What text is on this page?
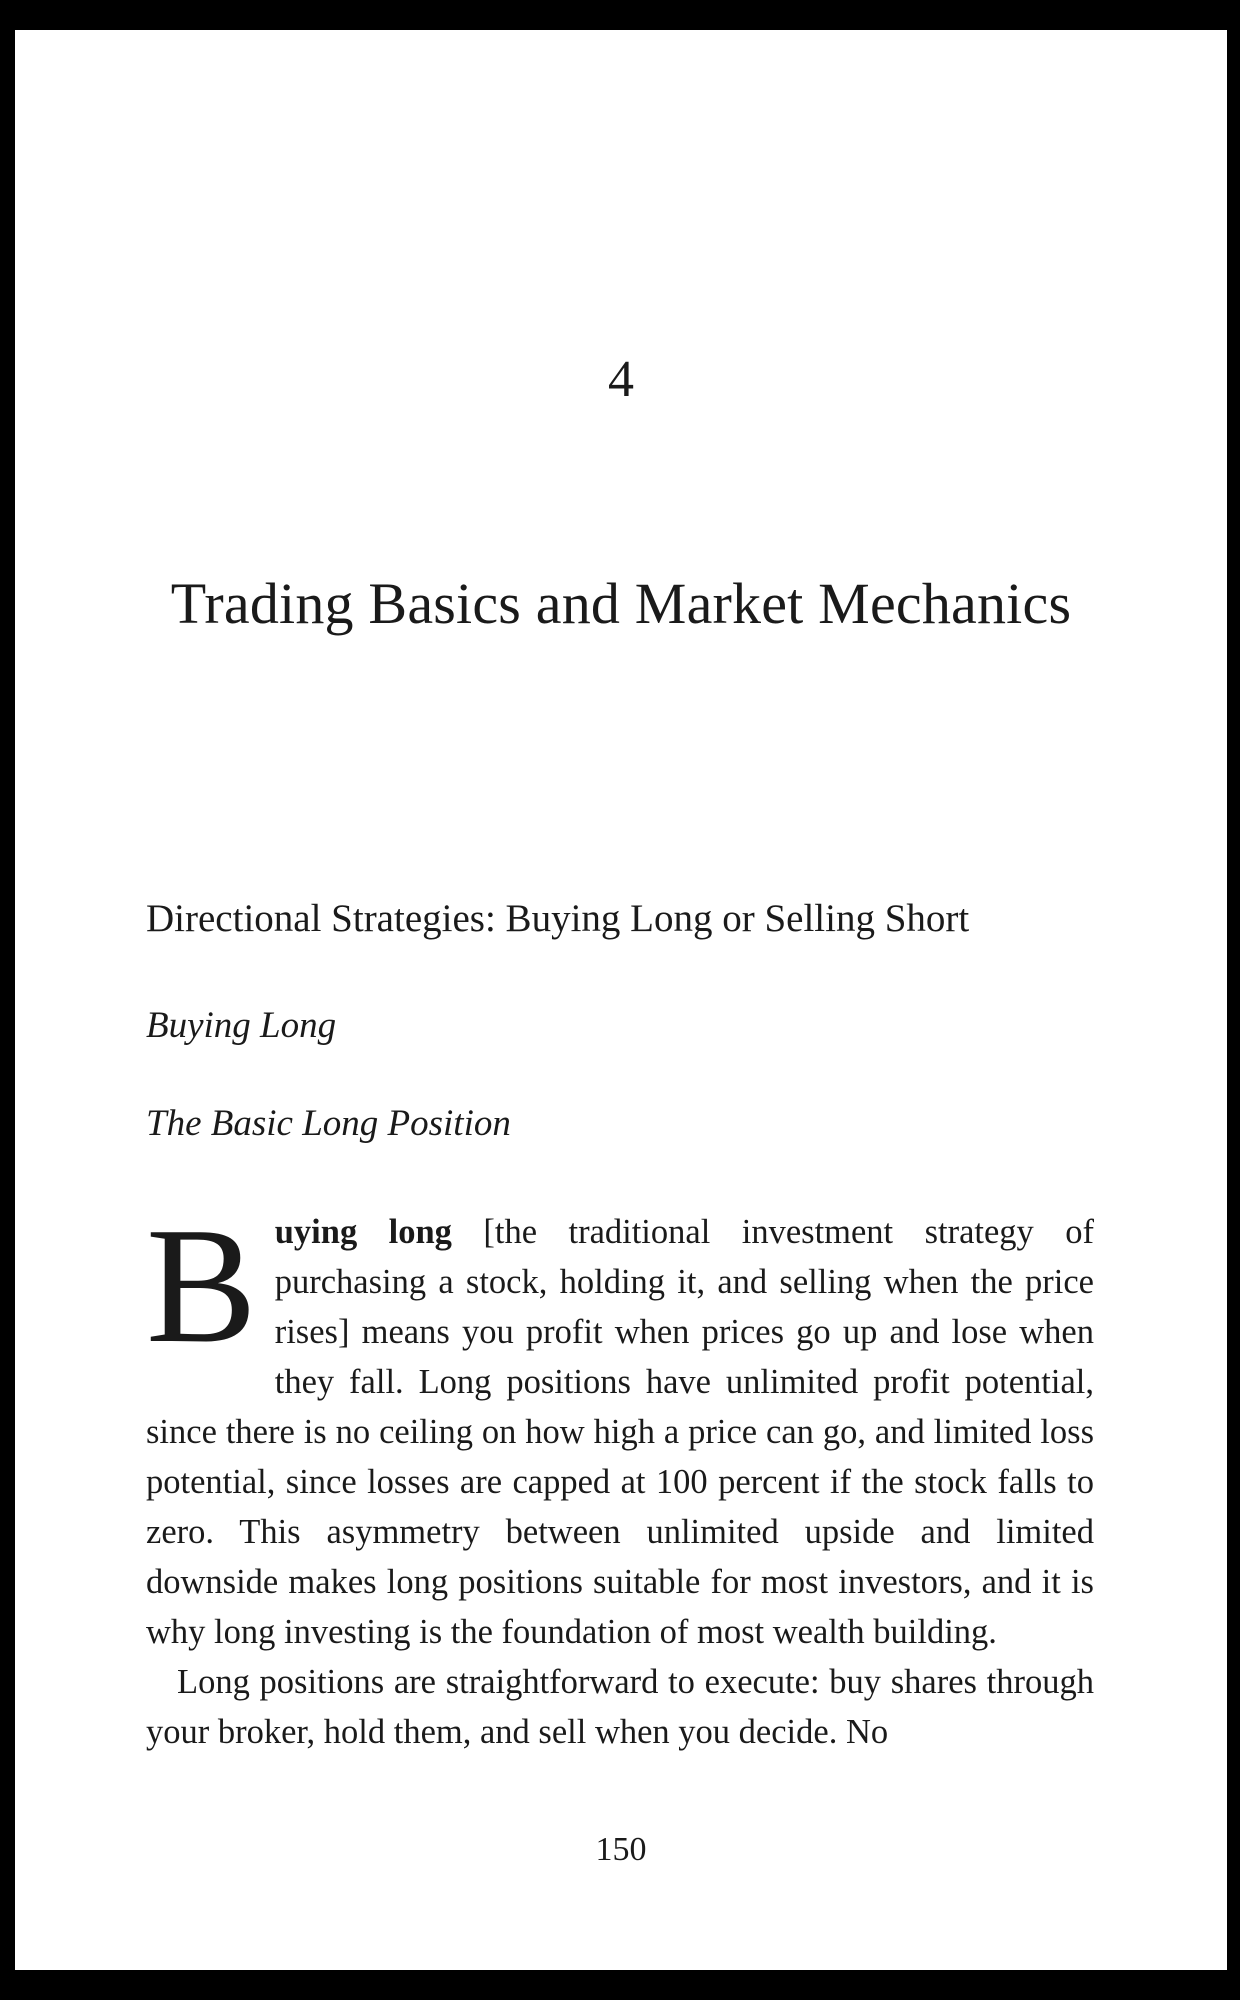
4
Trading Basics and Market Mechanics
Directional Strategies: Buying Long or Selling Short
Buying Long
The Basic Long Position

Buying long [the traditional investment strategy of purchasing a stock, holding it, and selling when the price rises] means you profit when prices go up and lose when they fall. Long positions have unlimited profit potential, since there is no ceiling on how high a price can go, and limited loss potential, since losses are capped at 100 percent if the stock falls to zero. This asymmetry between unlimited upside and limited downside makes long positions suitable for most investors, and it is why long investing is the foundation of most wealth building.

Long positions are straightforward to execute: buy shares through your broker, hold them, and sell when you decide. No

150
